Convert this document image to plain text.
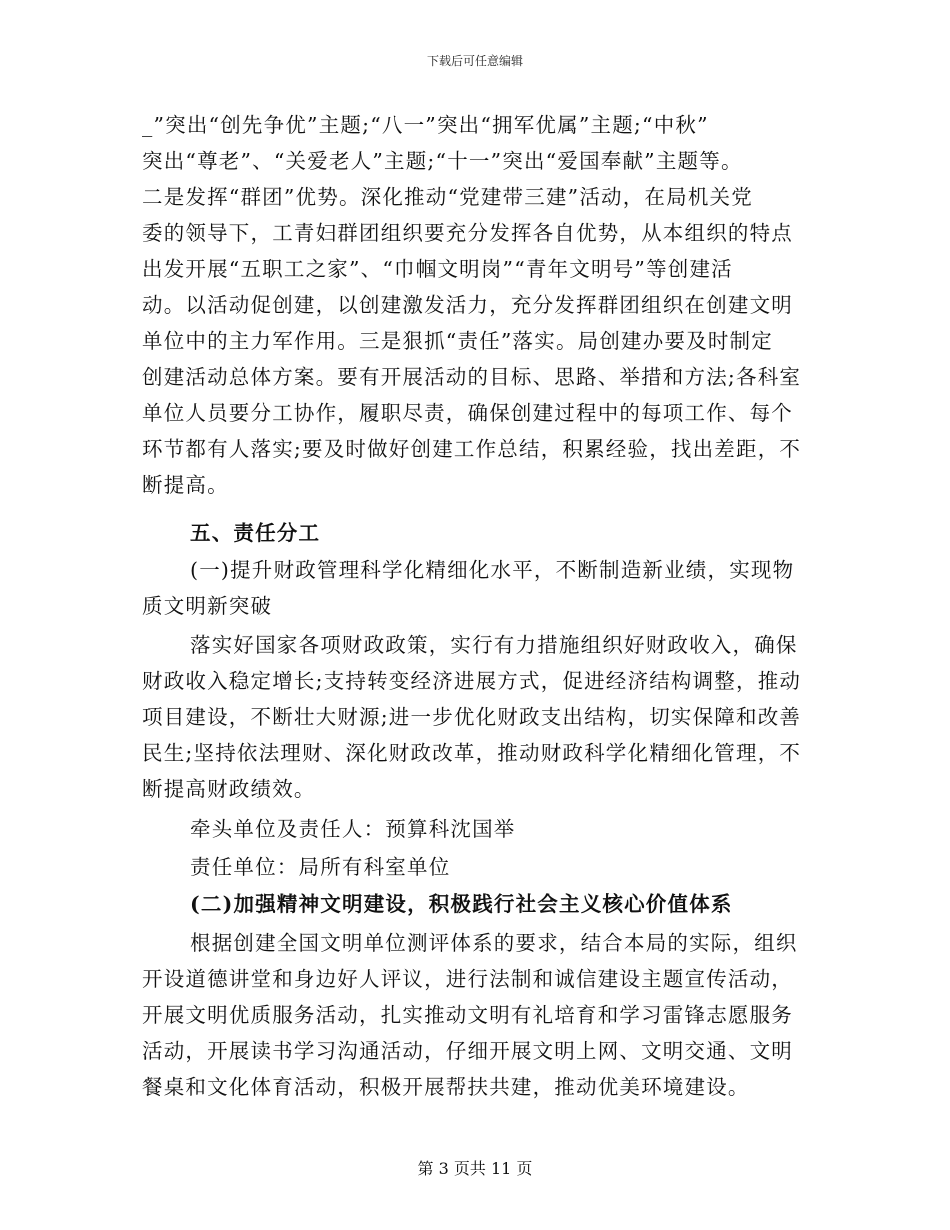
下载后可任意编辑
_”突出“创先争优”主题;“八一”突出“拥军优属”主题;“中秋”
突出“尊老”、“关爱老人”主题;“十一”突出“爱国奉献”主题等。
二是发挥“群团”优势。深化推动“党建带三建”活动，在局机关党
委的领导下，工青妇群团组织要充分发挥各自优势，从本组织的特点
出发开展“五职工之家”、“巾帼文明岗”“青年文明号”等创建活
动。以活动促创建，以创建激发活力，充分发挥群团组织在创建文明
单位中的主力军作用。三是狠抓“责任”落实。局创建办要及时制定
创建活动总体方案。要有开展活动的目标、思路、举措和方法;各科室
单位人员要分工协作，履职尽责，确保创建过程中的每项工作、每个
环节都有人落实;要及时做好创建工作总结，积累经验，找出差距，不
断提高。
五、责任分工
(一)提升财政管理科学化精细化水平，不断制造新业绩，实现物
质文明新突破
落实好国家各项财政政策，实行有力措施组织好财政收入，确保
财政收入稳定增长;支持转变经济进展方式，促进经济结构调整，推动
项目建设，不断壮大财源;进一步优化财政支出结构，切实保障和改善
民生;坚持依法理财、深化财政改革，推动财政科学化精细化管理，不
断提高财政绩效。
牵头单位及责任人：预算科沈国举
责任单位：局所有科室单位
(二)加强精神文明建设，积极践行社会主义核心价值体系
根据创建全国文明单位测评体系的要求，结合本局的实际，组织
开设道德讲堂和身边好人评议，进行法制和诚信建设主题宣传活动，
开展文明优质服务活动，扎实推动文明有礼培育和学习雷锋志愿服务
活动，开展读书学习沟通活动，仔细开展文明上网、文明交通、文明
餐桌和文化体育活动，积极开展帮扶共建，推动优美环境建设。
第 3 页共 11 页
